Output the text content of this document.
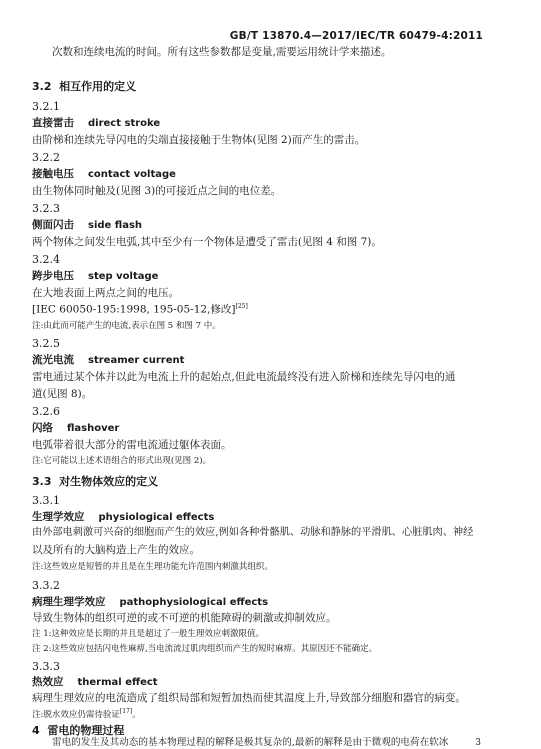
GB/T 13870.4—2017/IEC/TR 60479-4:2011
次数和连续电流的时间。所有这些参数都是变量,需要运用统计学来描述。
3.2 相互作用的定义
3.2.1
直接雷击 direct stroke
由阶梯和连续先导闪电的尖端直接接触于生物体(见图 2)而产生的雷击。
3.2.2
接触电压 contact voltage
由生物体同时触及(见图 3)的可接近点之间的电位差。
3.2.3
侧面闪击 side flash
两个物体之间发生电弧,其中至少有一个物体是遭受了雷击(见图 4 和图 7)。
3.2.4
跨步电压 step voltage
在大地表面上两点之间的电压。
[IEC 60050-195:1998, 195-05-12,修改][25]
注:由此而可能产生的电流,表示在图 5 和图 7 中。
3.2.5
流光电流 streamer current
雷电通过某个体并以此为电流上升的起始点,但此电流最终没有进入阶梯和连续先导闪电的通
道(见图 8)。
3.2.6
闪络 flashover
电弧带着很大部分的雷电流通过躯体表面。
注:它可能以上述术语组合的形式出现(见图 2)。
3.3 对生物体效应的定义
3.3.1
生理学效应 physiological effects
由外部电刺激可兴奋的细胞而产生的效应,例如各种骨骼肌、动脉和静脉的平滑肌、心脏肌肉、神经
以及所有的大脑构造上产生的效应。
注:这些效应是短暂的并且是在生理功能允许范围内刺激其组织。
3.3.2
病理生理学效应 pathophysiological effects
导致生物体的组织可逆的或不可逆的机能障碍的刺激或抑制效应。
注 1:这种效应是长期的并且是超过了一般生理效应刺激限值。
注 2:这些效应包括闪电性麻痹,当电流流过肌肉组织而产生的短时麻痹。其原因还不能确定。
3.3.3
热效应 thermal effect
病理生理效应的电流造成了组织局部和短暂加热而使其温度上升,导致部分细胞和器官的病变。
注:脱水效应仍需待验证[17]。
4 雷电的物理过程
雷电的发生及其动态的基本物理过程的解释是极其复杂的,最新的解释是由于微观的电荷在软冰	3
